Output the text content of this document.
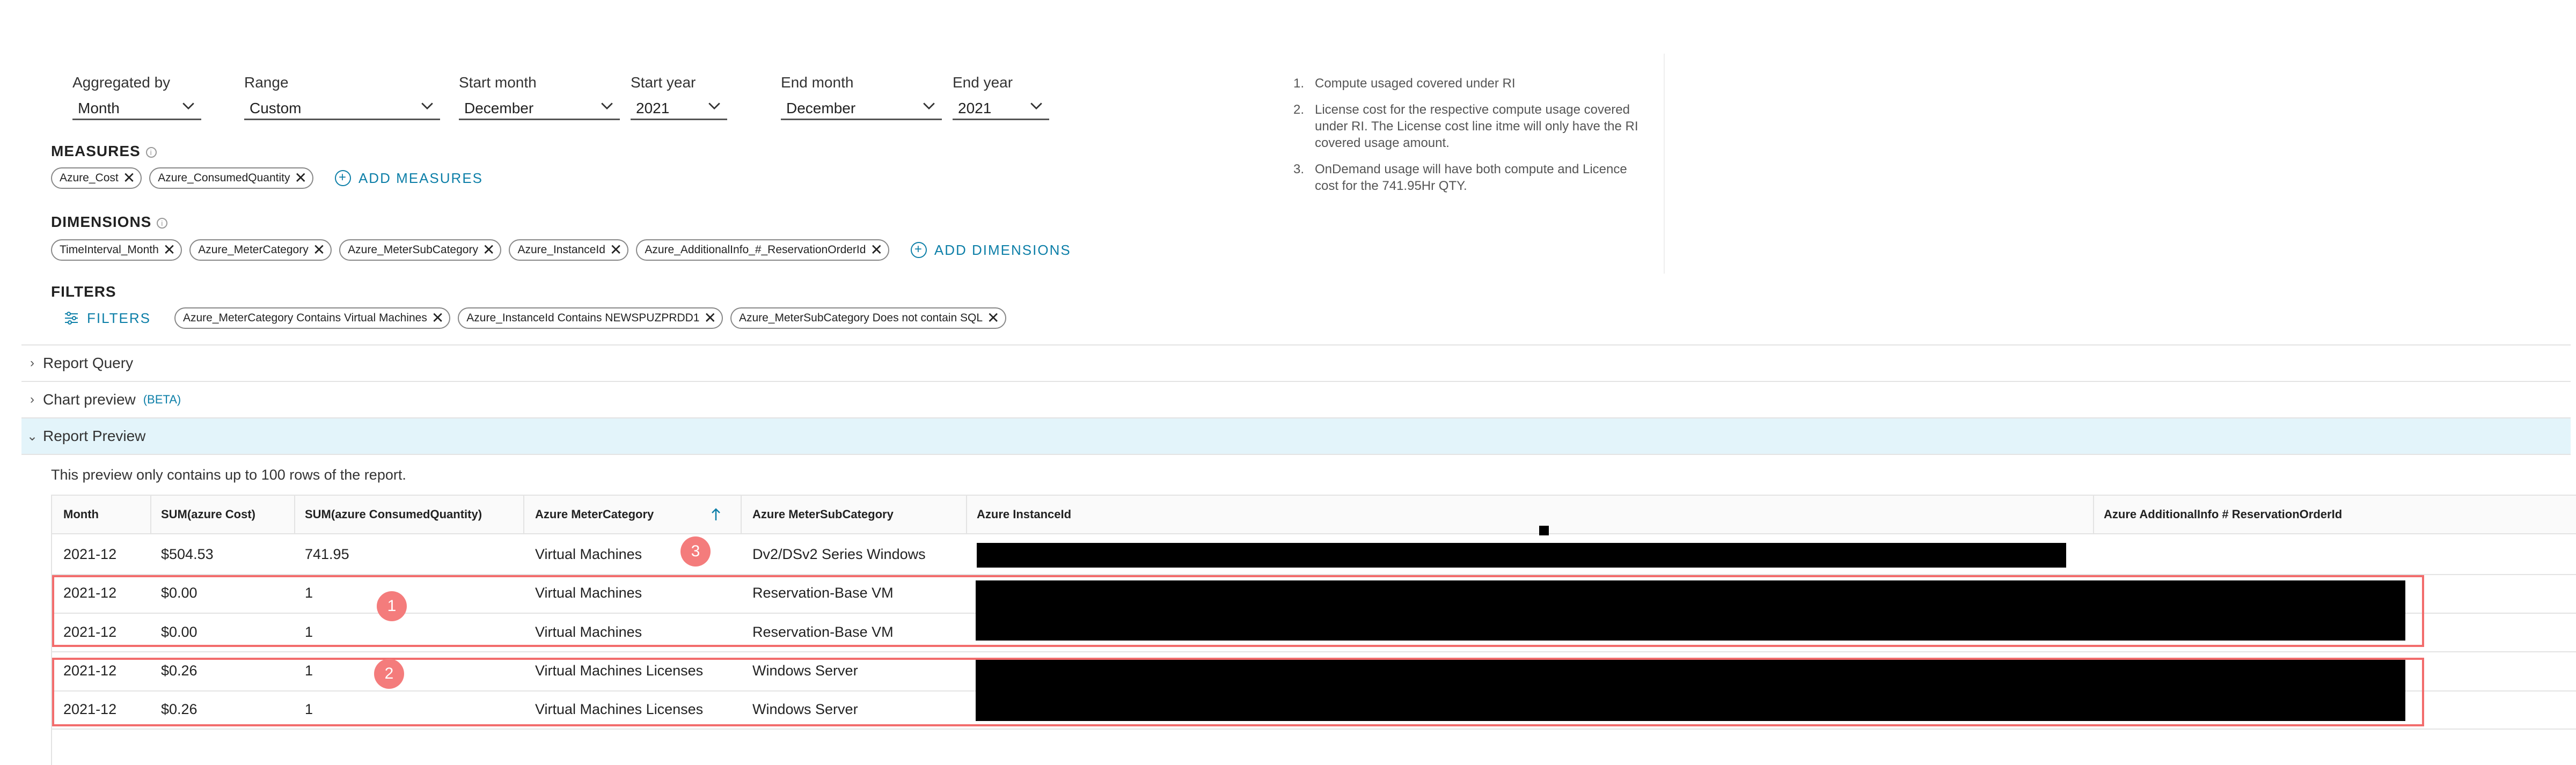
Aggregated by
Month
Range
Custom
Start month
December
Start year
2021
End month
December
End year
2021
MEASURES i
Azure_Cost ✕ Azure_ConsumedQuantity ✕ + ADD MEASURES
DIMENSIONS i
TimeInterval_Month ✕ Azure_MeterCategory ✕ Azure_MeterSubCategory ✕ Azure_InstanceId ✕ Azure_AdditionalInfo_#_ReservationOrderId ✕ + ADD DIMENSIONS
FILTERS
FILTERS	Azure_MeterCategory Contains Virtual Machines ✕ Azure_InstanceId Contains NEWSPUZPRDD1 ✕ Azure_MeterSubCategory Does not contain SQL ✕
1. Compute usaged covered under RI
2. License cost for the respective compute usage covered under RI. The License cost line itme will only have the RI covered usage amount.
3. OnDemand usage will have both compute and Licence cost for the 741.95Hr QTY.
› Report Query
› Chart preview (BETA)
⌄ Report Preview
This preview only contains up to 100 rows of the report.
Month	SUM(azure Cost)	SUM(azure ConsumedQuantity)	Azure MeterCategory	Azure MeterSubCategory	Azure InstanceId	Azure AdditionalInfo # ReservationOrderId
2021-12	$504.53	741.95	Virtual Machines	Dv2/DSv2 Series Windows
2021-12	$0.00	1	Virtual Machines	Reservation-Base VM
2021-12	$0.00	1	Virtual Machines	Reservation-Base VM
2021-12	$0.26	1	Virtual Machines Licenses	Windows Server
2021-12	$0.26	1	Virtual Machines Licenses	Windows Server
1
2
3
